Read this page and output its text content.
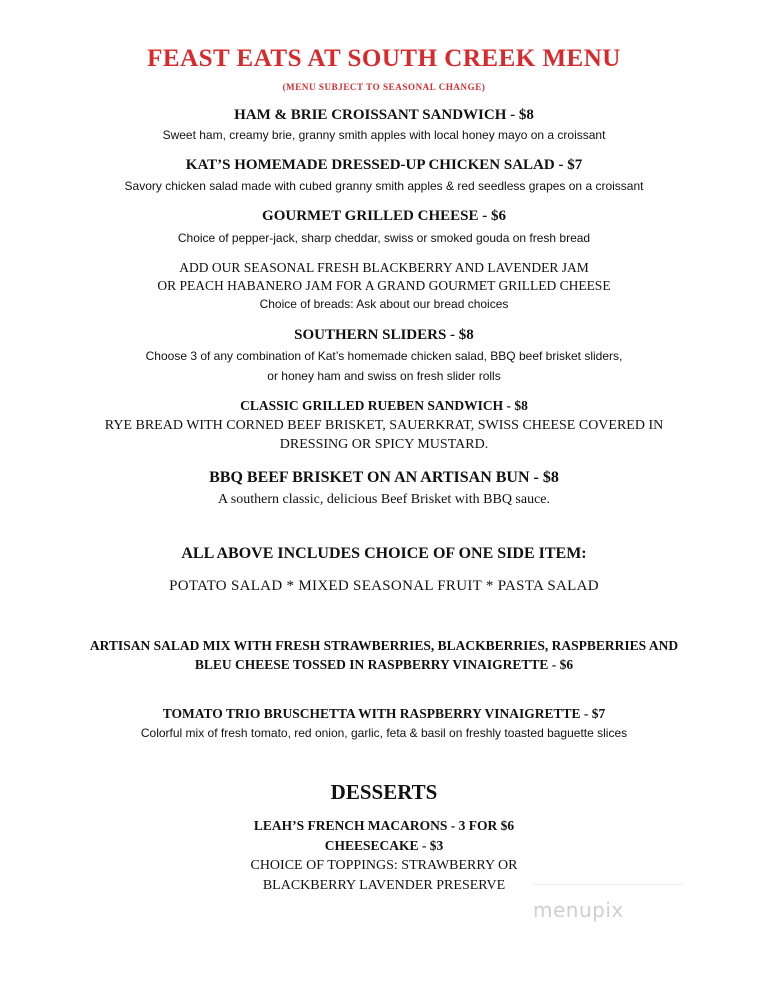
FEAST EATS AT SOUTH CREEK MENU
(MENU SUBJECT TO SEASONAL CHANGE)
HAM & BRIE CROISSANT SANDWICH - $8
Sweet ham, creamy brie, granny smith apples with local honey mayo on a croissant
KAT’S HOMEMADE DRESSED-UP CHICKEN SALAD - $7
Savory chicken salad made with cubed granny smith apples & red seedless grapes on a croissant
GOURMET GRILLED CHEESE - $6
Choice of pepper-jack, sharp cheddar, swiss or smoked gouda on fresh bread
ADD OUR SEASONAL FRESH BLACKBERRY AND LAVENDER JAM
OR PEACH HABANERO JAM FOR A GRAND GOURMET GRILLED CHEESE
Choice of breads: Ask about our bread choices
SOUTHERN SLIDERS - $8
Choose 3 of any combination of Kat’s homemade chicken salad, BBQ beef brisket sliders,
or honey ham and swiss on fresh slider rolls
CLASSIC GRILLED RUEBEN SANDWICH - $8
RYE BREAD WITH CORNED BEEF BRISKET, SAUERKRAT, SWISS CHEESE COVERED IN
DRESSING OR SPICY MUSTARD.
BBQ BEEF BRISKET ON AN ARTISAN BUN - $8
A southern classic, delicious Beef Brisket with BBQ sauce.
ALL ABOVE INCLUDES CHOICE OF ONE SIDE ITEM:
POTATO SALAD * MIXED SEASONAL FRUIT * PASTA SALAD
ARTISAN SALAD MIX WITH FRESH STRAWBERRIES, BLACKBERRIES, RASPBERRIES AND
BLEU CHEESE TOSSED IN RASPBERRY VINAIGRETTE - $6
TOMATO TRIO BRUSCHETTA WITH RASPBERRY VINAIGRETTE - $7
Colorful mix of fresh tomato, red onion, garlic, feta & basil on freshly toasted baguette slices
DESSERTS
LEAH’S FRENCH MACARONS - 3 FOR $6
CHEESECAKE - $3
CHOICE OF TOPPINGS: STRAWBERRY OR
BLACKBERRY LAVENDER PRESERVE
menupix
